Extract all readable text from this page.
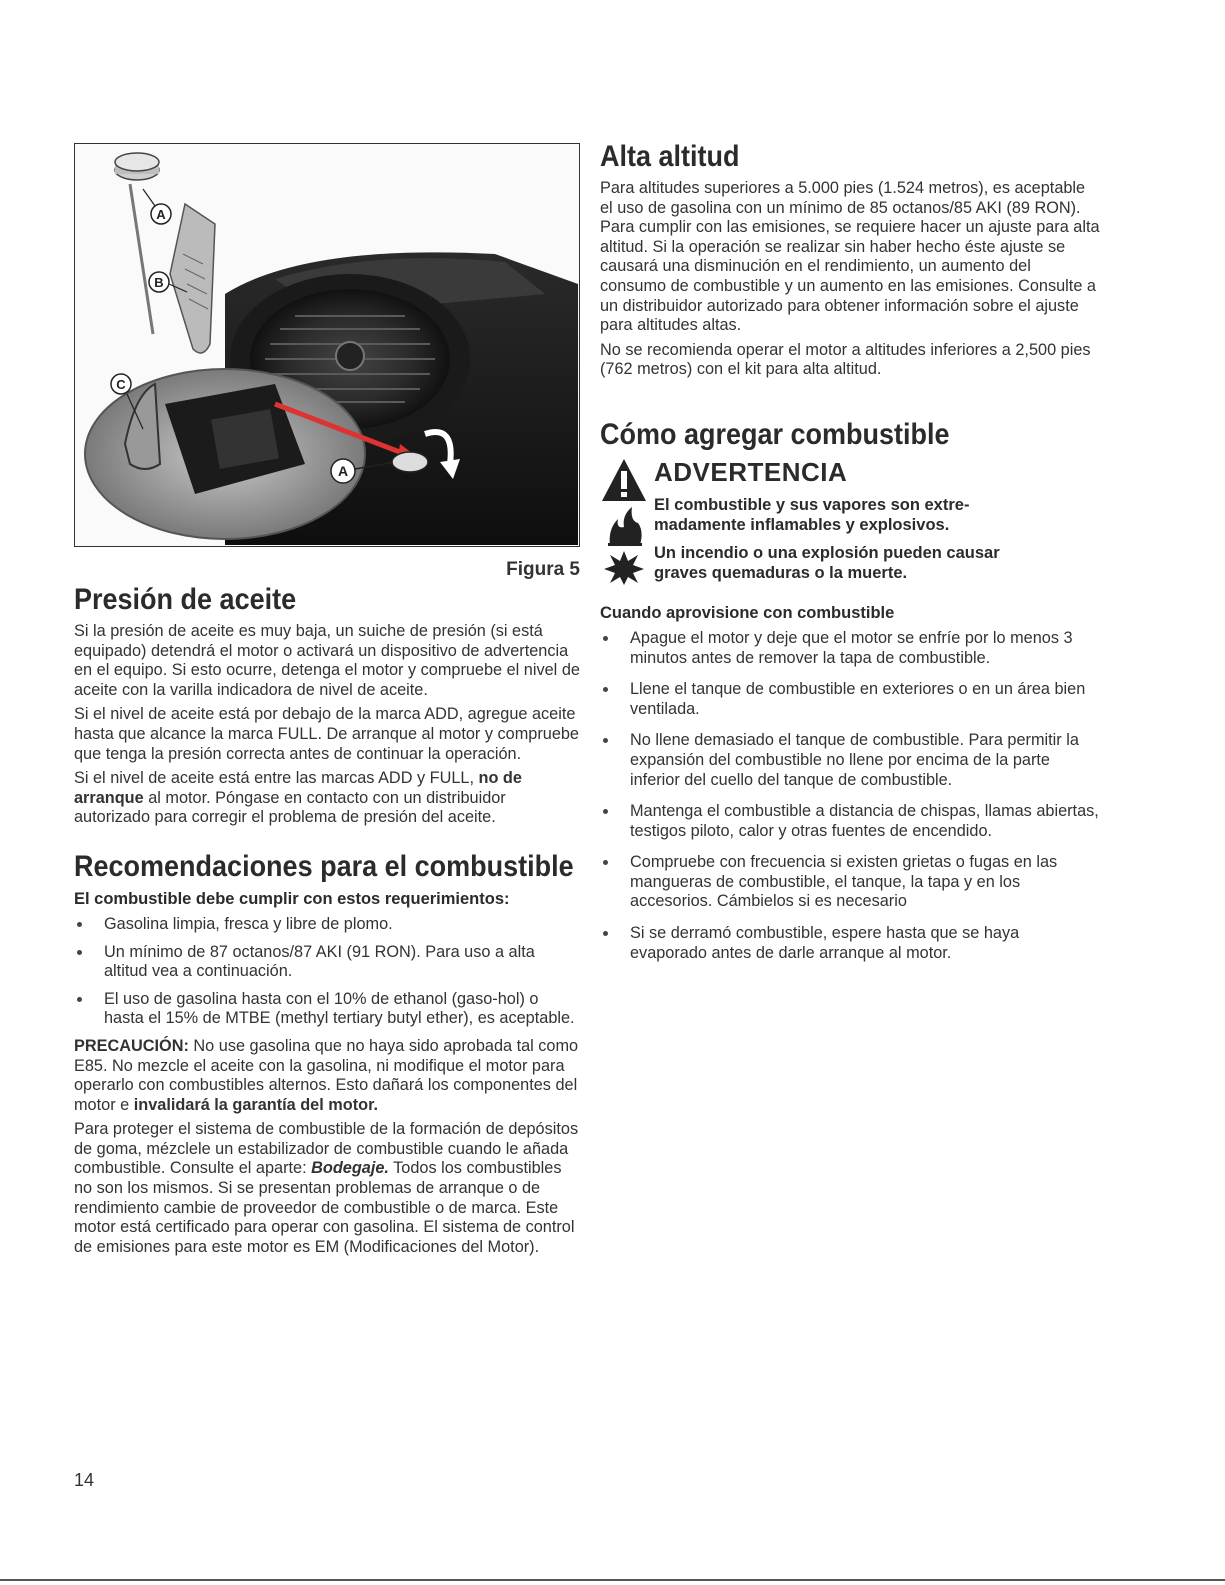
A
B
C
A
Figura 5
Presión de aceite

Si la presión de aceite es muy baja, un suiche de presión (si está equipado) detendrá el motor o activará un dispositivo de advertencia en el equipo. Si esto ocurre, detenga el motor y compruebe el nivel de aceite con la varilla indicadora de nivel de aceite.

Si el nivel de aceite está por debajo de la marca ADD, agregue aceite hasta que alcance la marca FULL. De arranque al motor y compruebe que tenga la presión correcta antes de continuar la operación.

Si el nivel de aceite está entre las marcas ADD y FULL, no de arranque al motor. Póngase en contacto con un distribuidor autorizado para corregir el problema de presión del aceite.

Recomendaciones para el combustible
El combustible debe cumplir con estos requerimientos:
Gasolina limpia, fresca y libre de plomo.
Un mínimo de 87 octanos/87 AKI (91 RON). Para uso a alta altitud vea a continuación.
El uso de gasolina hasta con el 10% de ethanol (gaso-hol) o hasta el 15% de MTBE (methyl tertiary butyl ether), es aceptable.

PRECAUCIÓN: No use gasolina que no haya sido aprobada tal como E85. No mezcle el aceite con la gasolina, ni modifique el motor para operarlo con combustibles alternos. Esto dañará los componentes del motor e invalidará la garantía del motor.

Para proteger el sistema de combustible de la formación de depósitos de goma, mézclele un estabilizador de combustible cuando le añada combustible. Consulte el aparte: Bodegaje. Todos los combustibles no son los mismos. Si se presentan problemas de arranque o de rendimiento cambie de proveedor de combustible o de marca. Este motor está certificado para operar con gasolina. El sistema de control de emisiones para este motor es EM (Modificaciones del Motor).

Alta altitud

Para altitudes superiores a 5.000 pies (1.524 metros), es aceptable el uso de gasolina con un mínimo de 85 octanos/85 AKI (89 RON). Para cumplir con las emisiones, se requiere hacer un ajuste para alta altitud. Si la operación se realizar sin haber hecho éste ajuste se causará una disminución en el rendimiento, un aumento del consumo de combustible y un aumento en las emisiones. Consulte a un distribuidor autorizado para obtener información sobre el ajuste para altitudes altas.

No se recomienda operar el motor a altitudes inferiores a 2,500 pies (762 metros) con el kit para alta altitud.

Cómo agregar combustible
ADVERTENCIA
El combustible y sus vapores son extre-
madamente inflamables y explosivos.
Un incendio o una explosión pueden causar
graves quemaduras o la muerte.
Cuando aprovisione con combustible
Apague el motor y deje que el motor se enfríe por lo menos 3 minutos antes de remover la tapa de combustible.
Llene el tanque de combustible en exteriores o en un área bien ventilada.
No llene demasiado el tanque de combustible. Para permitir la expansión del combustible no llene por encima de la parte inferior del cuello del tanque de combustible.
Mantenga el combustible a distancia de chispas, llamas abiertas, testigos piloto, calor y otras fuentes de encendido.
Compruebe con frecuencia si existen grietas o fugas en las mangueras de combustible, el tanque, la tapa y en los accesorios. Cámbielos si es necesario
Si se derramó combustible, espere hasta que se haya evaporado antes de darle arranque al motor.
14
